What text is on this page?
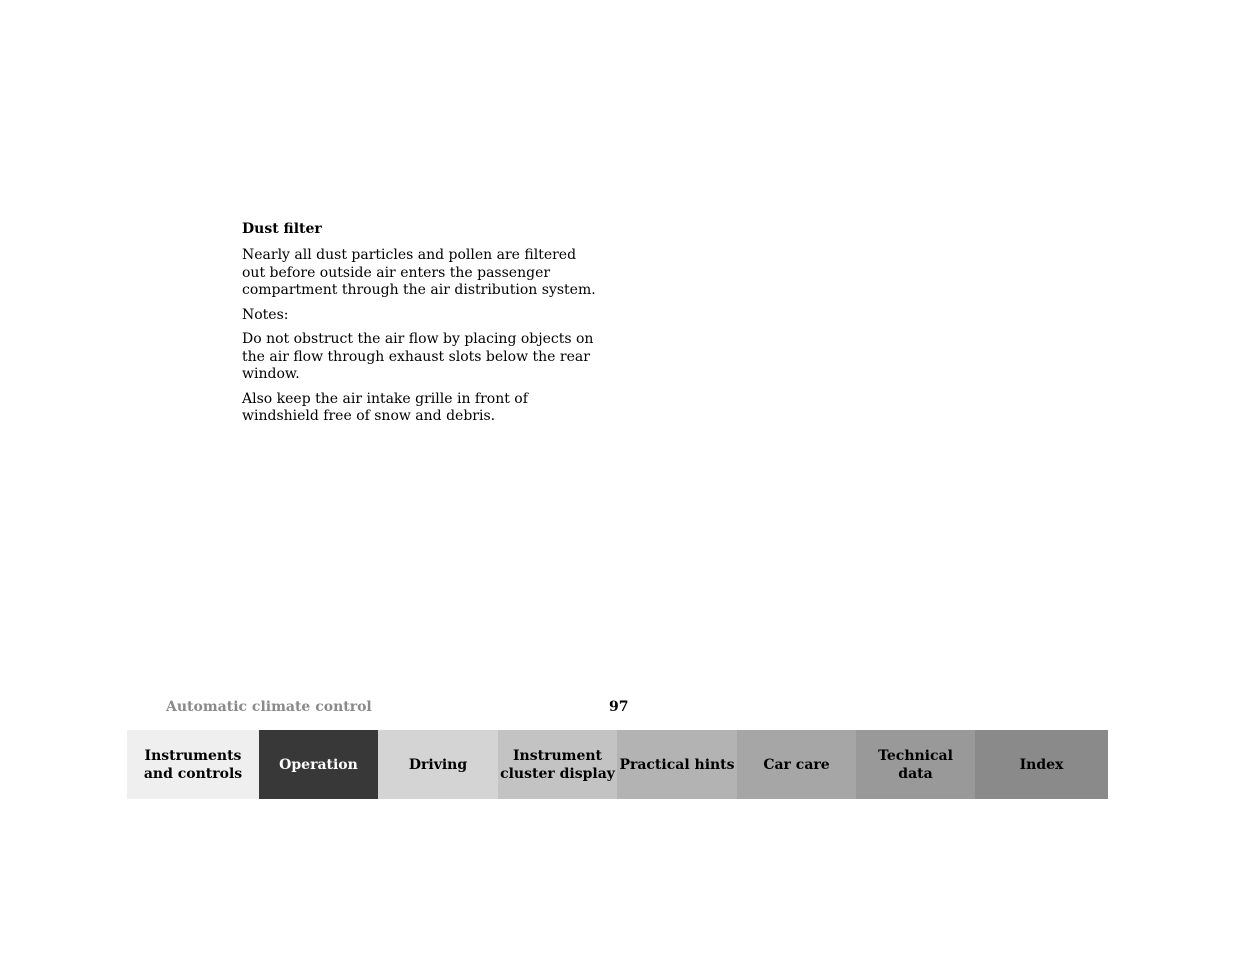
Dust filter

Nearly all dust particles and pollen are filtered out before outside air enters the passenger compartment through the air distribution system.

Notes:

Do not obstruct the air flow by placing objects on the air flow through exhaust slots below the rear window.

Also keep the air intake grille in front of windshield free of snow and debris.

Automatic climate control	97
Instruments
and controls
Operation	Driving
Instrument
cluster display
Practical hints Car care
Technical
data
Index
